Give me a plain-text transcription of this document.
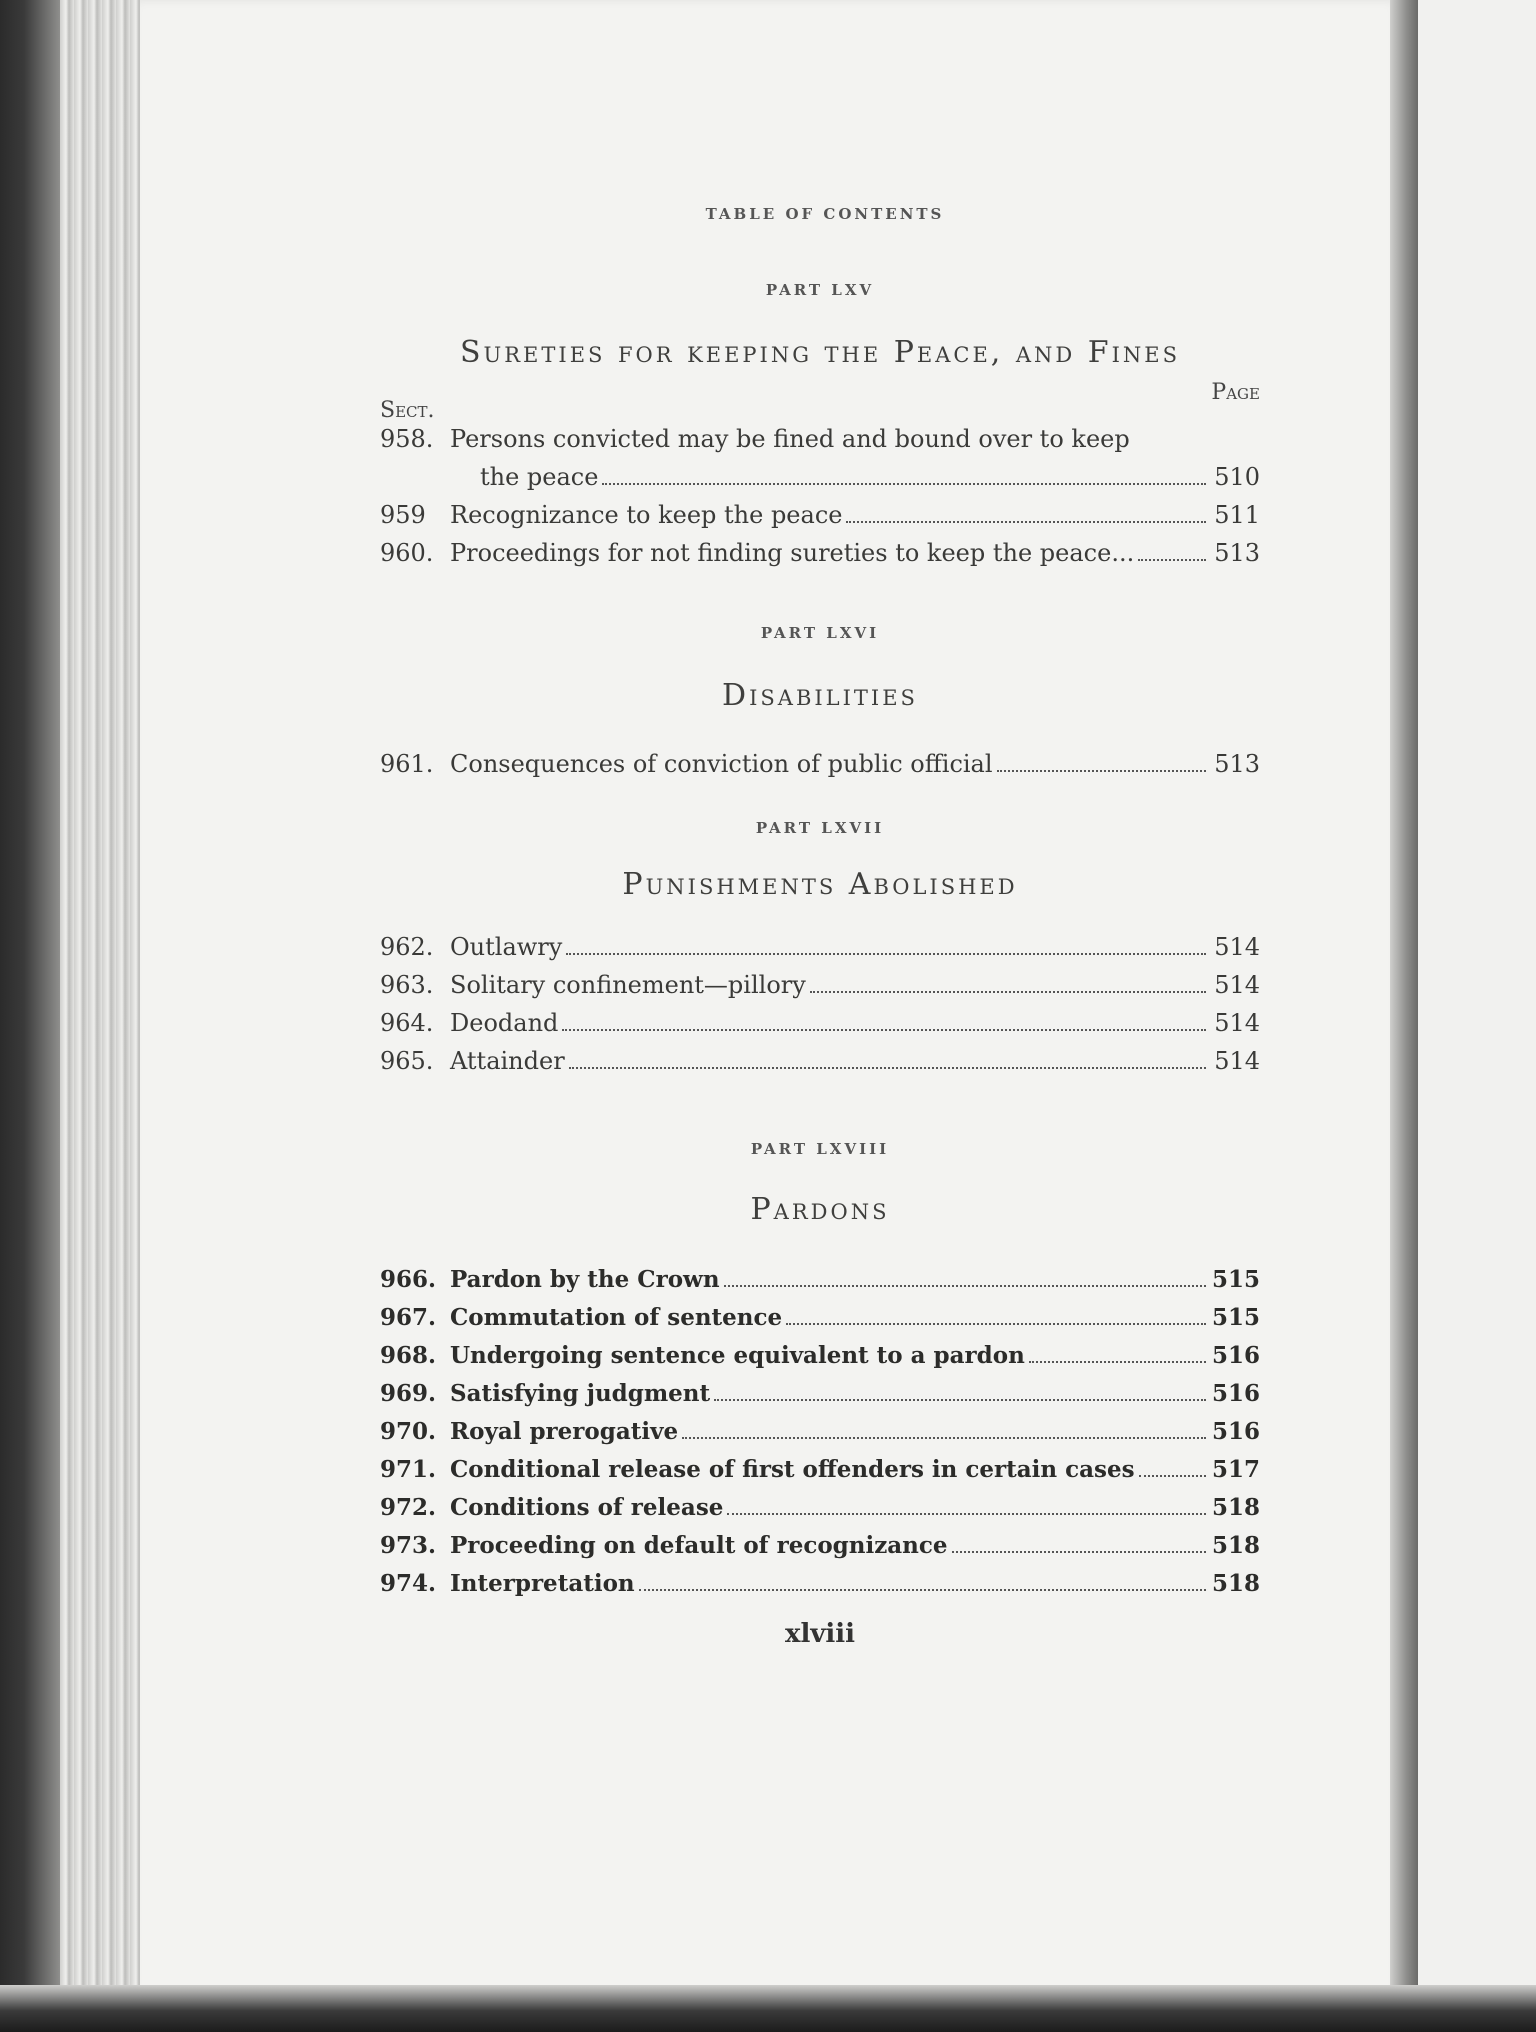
TABLE OF CONTENTS
PART LXV
Sureties for keeping the Peace, and Fines
Sect.
Page
958. Persons convicted may be fined and bound over to keep
the peace	510
959	Recognizance to keep the peace	511
960. Proceedings for not finding sureties to keep the peace...	513
PART LXVI
Disabilities
961. Consequences of conviction of public official	513
PART LXVII
Punishments Abolished
962. Outlawry	514
963. Solitary confinement—pillory	514
964. Deodand	514
965. Attainder	514
PART LXVIII
Pardons
966. Pardon by the Crown	515
967. Commutation of sentence	515
968. Undergoing sentence equivalent to a pardon	516
969. Satisfying judgment	516
970. Royal prerogative	516
971. Conditional release of first offenders in certain cases	517
972. Conditions of release	518
973. Proceeding on default of recognizance	518
974. Interpretation	518
xlviii
